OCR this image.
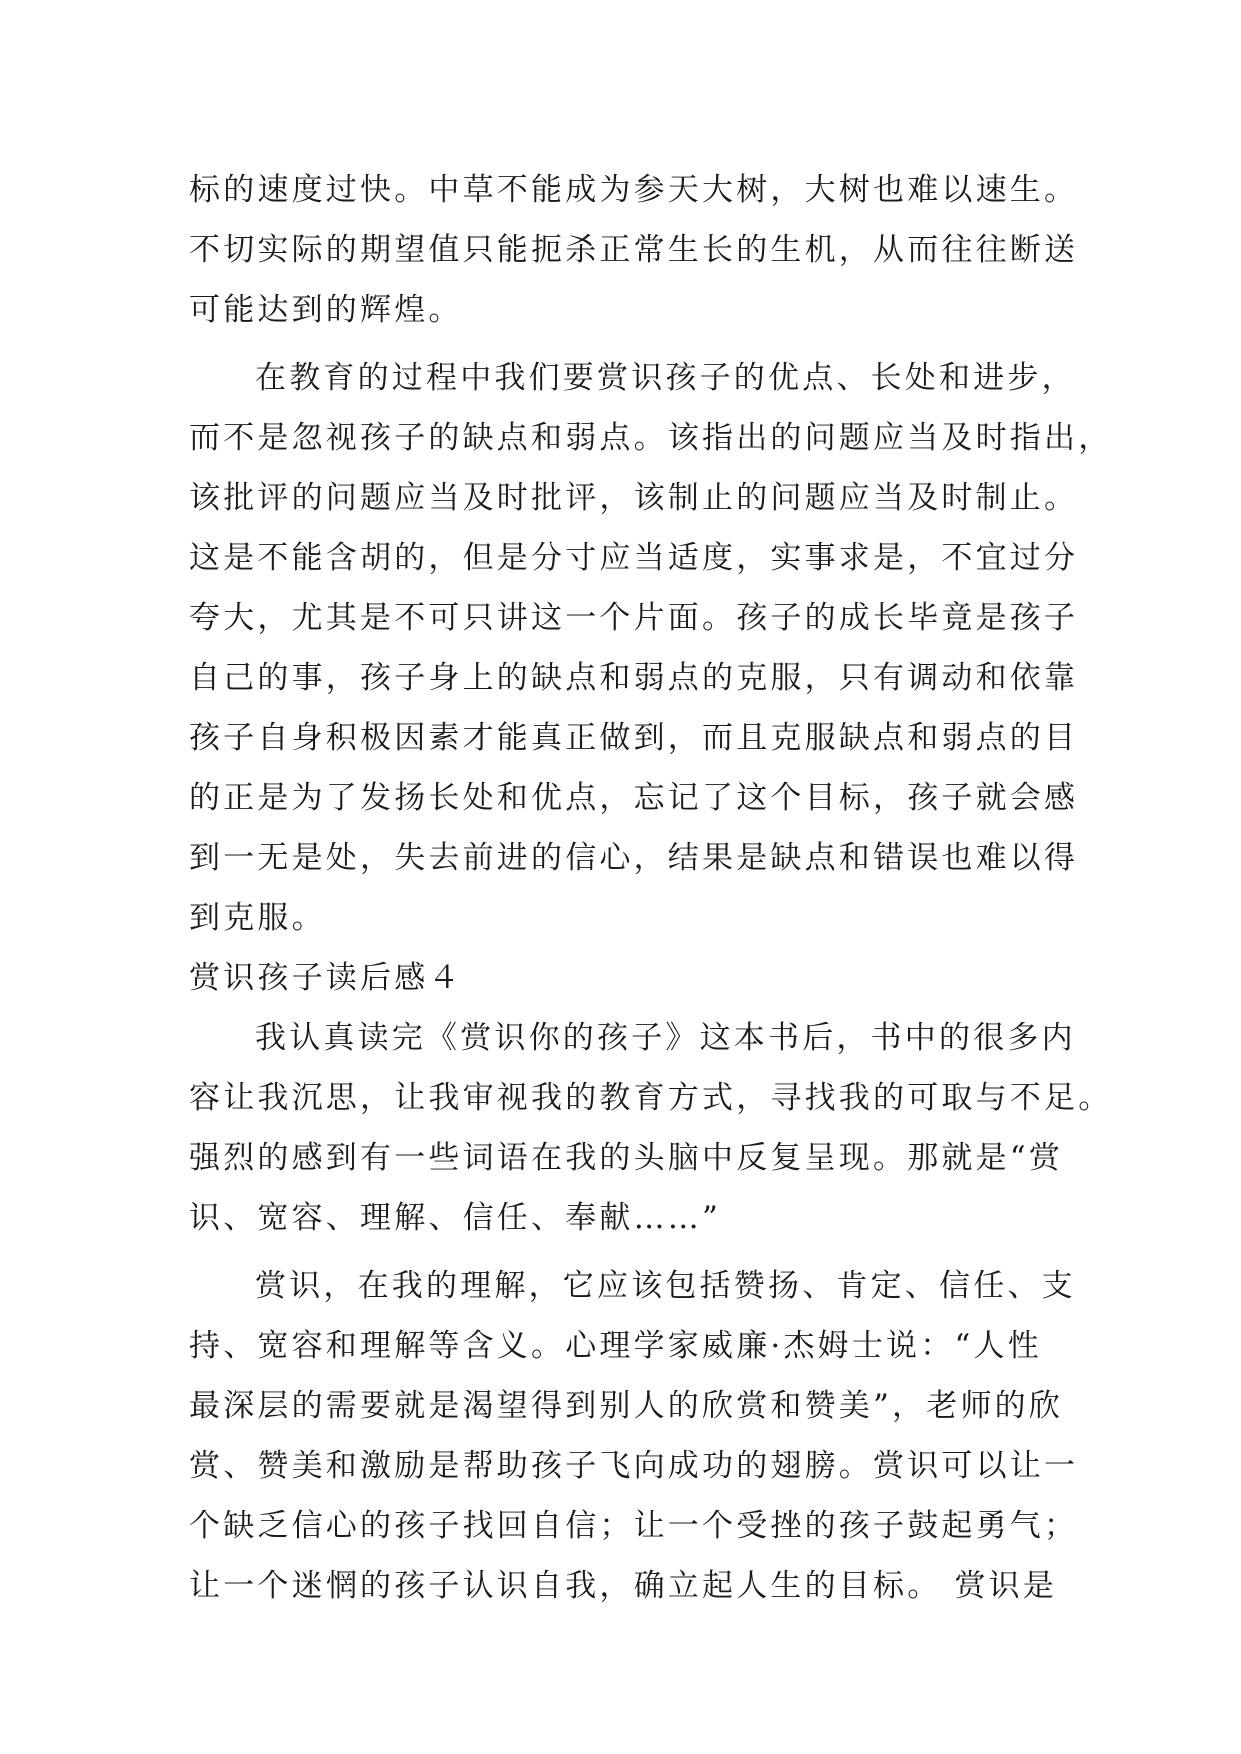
标的速度过快。中草不能成为参天大树，大树也难以速生。
不切实际的期望值只能扼杀正常生长的生机，从而往往断送
可能达到的辉煌。
在教育的过程中我们要赏识孩子的优点、长处和进步，
而不是忽视孩子的缺点和弱点。该指出的问题应当及时指出，
该批评的问题应当及时批评，该制止的问题应当及时制止。
这是不能含胡的，但是分寸应当适度，实事求是，不宜过分
夸大，尤其是不可只讲这一个片面。孩子的成长毕竟是孩子
自己的事，孩子身上的缺点和弱点的克服，只有调动和依靠
孩子自身积极因素才能真正做到，而且克服缺点和弱点的目
的正是为了发扬长处和优点，忘记了这个目标，孩子就会感
到一无是处，失去前进的信心，结果是缺点和错误也难以得
到克服。
赏识孩子读后感４
我认真读完《赏识你的孩子》这本书后，书中的很多内
容让我沉思，让我审视我的教育方式，寻找我的可取与不足。
强烈的感到有一些词语在我的头脑中反复呈现。那就是“赏
识、宽容、理解、信任、奉献……”
赏识，在我的理解，它应该包括赞扬、肯定、信任、支
持、宽容和理解等含义。心理学家威廉·杰姆士说：“人性
最深层的需要就是渴望得到别人的欣赏和赞美”，老师的欣
赏、赞美和激励是帮助孩子飞向成功的翅膀。赏识可以让一
个缺乏信心的孩子找回自信；让一个受挫的孩子鼓起勇气；
让一个迷惘的孩子认识自我，确立起人生的目标。 赏识是
